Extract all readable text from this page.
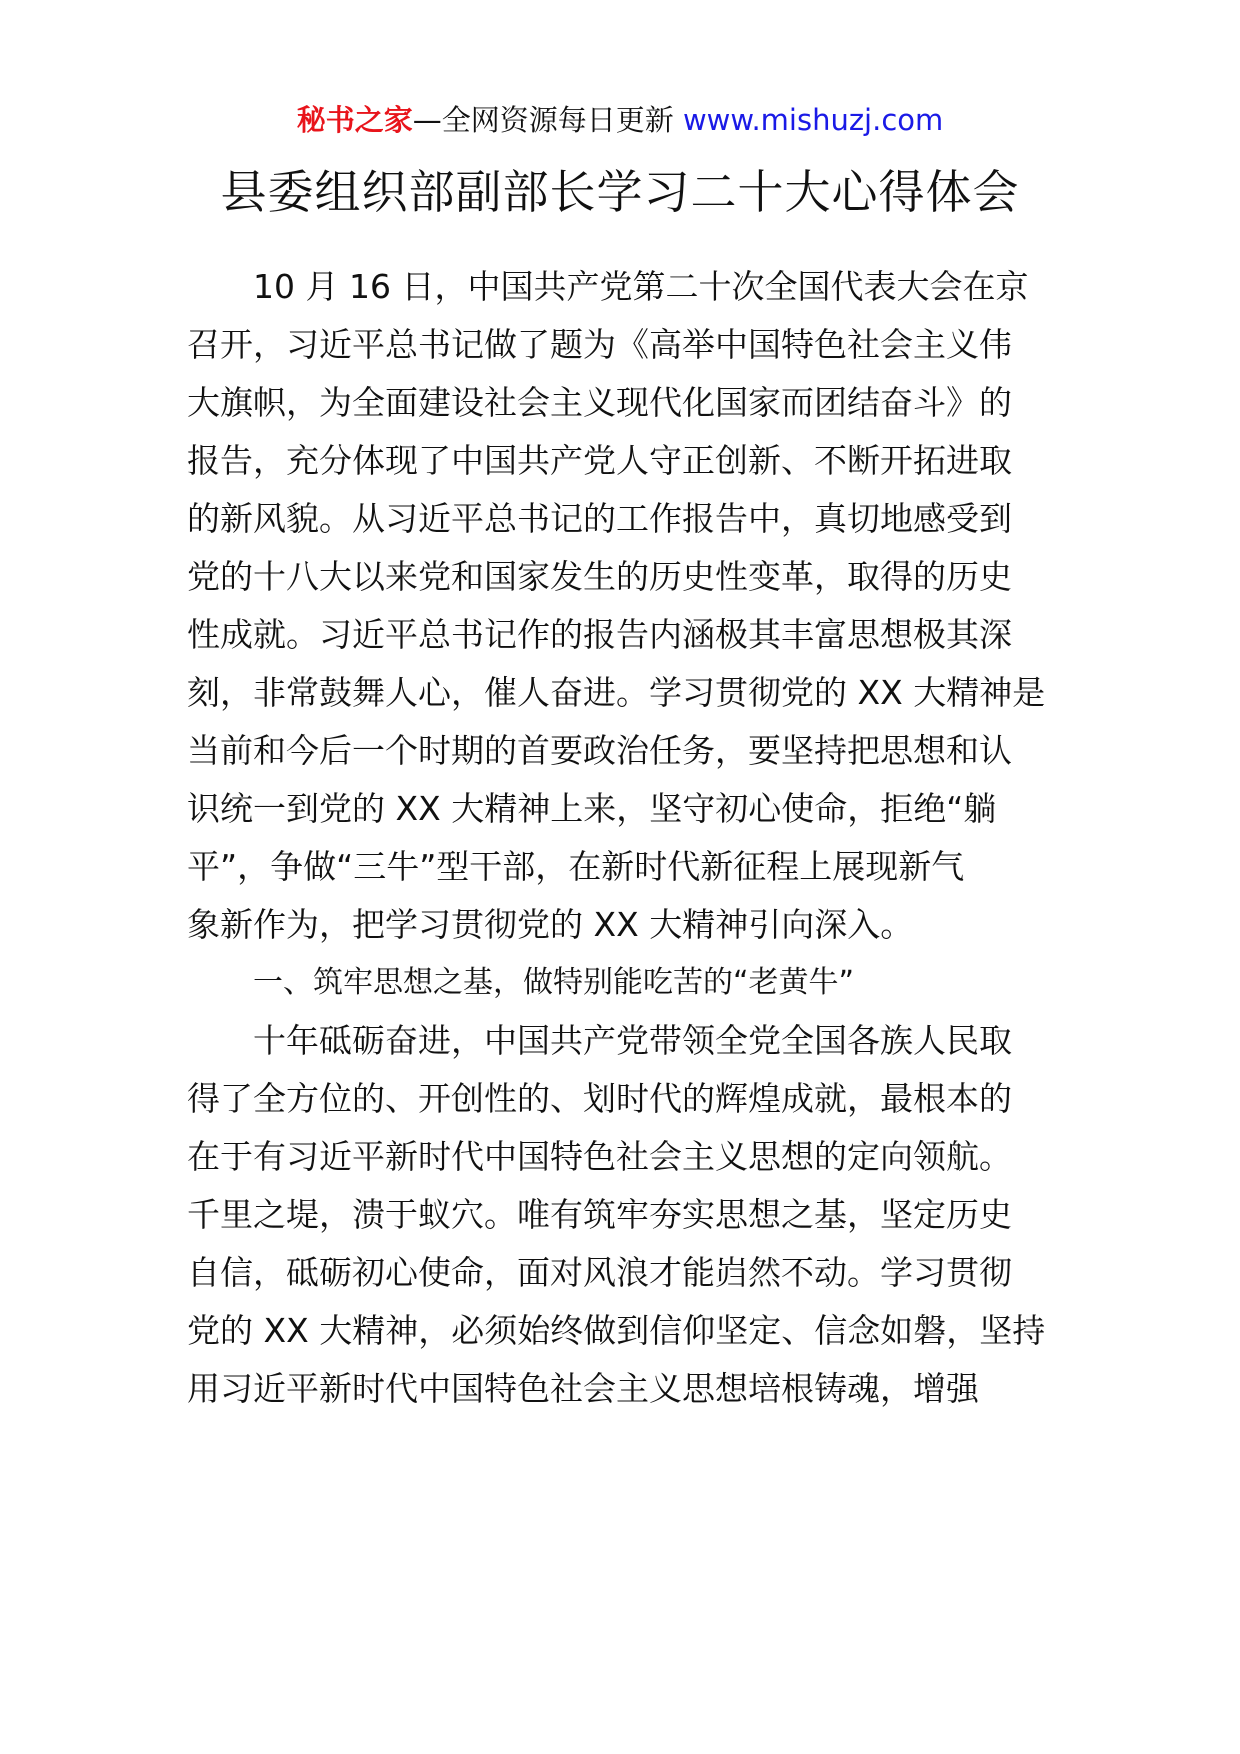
秘书之家—全网资源每日更新 www.mishuzj.com
县委组织部副部长学习二十大心得体会
10 月 16 日，中国共产党第二十次全国代表大会在京
召开，习近平总书记做了题为《高举中国特色社会主义伟
大旗帜，为全面建设社会主义现代化国家而团结奋斗》的
报告，充分体现了中国共产党人守正创新、不断开拓进取
的新风貌。从习近平总书记的工作报告中，真切地感受到
党的十八大以来党和国家发生的历史性变革，取得的历史
性成就。习近平总书记作的报告内涵极其丰富思想极其深
刻，非常鼓舞人心，催人奋进。学习贯彻党的 XX 大精神是
当前和今后一个时期的首要政治任务，要坚持把思想和认
识统一到党的 XX 大精神上来，坚守初心使命，拒绝“躺
平”，争做“三牛”型干部，在新时代新征程上展现新气
象新作为，把学习贯彻党的 XX 大精神引向深入。
一、筑牢思想之基，做特别能吃苦的“老黄牛”
十年砥砺奋进，中国共产党带领全党全国各族人民取
得了全方位的、开创性的、划时代的辉煌成就，最根本的
在于有习近平新时代中国特色社会主义思想的定向领航。
千里之堤，溃于蚁穴。唯有筑牢夯实思想之基，坚定历史
自信，砥砺初心使命，面对风浪才能岿然不动。学习贯彻
党的 XX 大精神，必须始终做到信仰坚定、信念如磐，坚持
用习近平新时代中国特色社会主义思想培根铸魂，增强
